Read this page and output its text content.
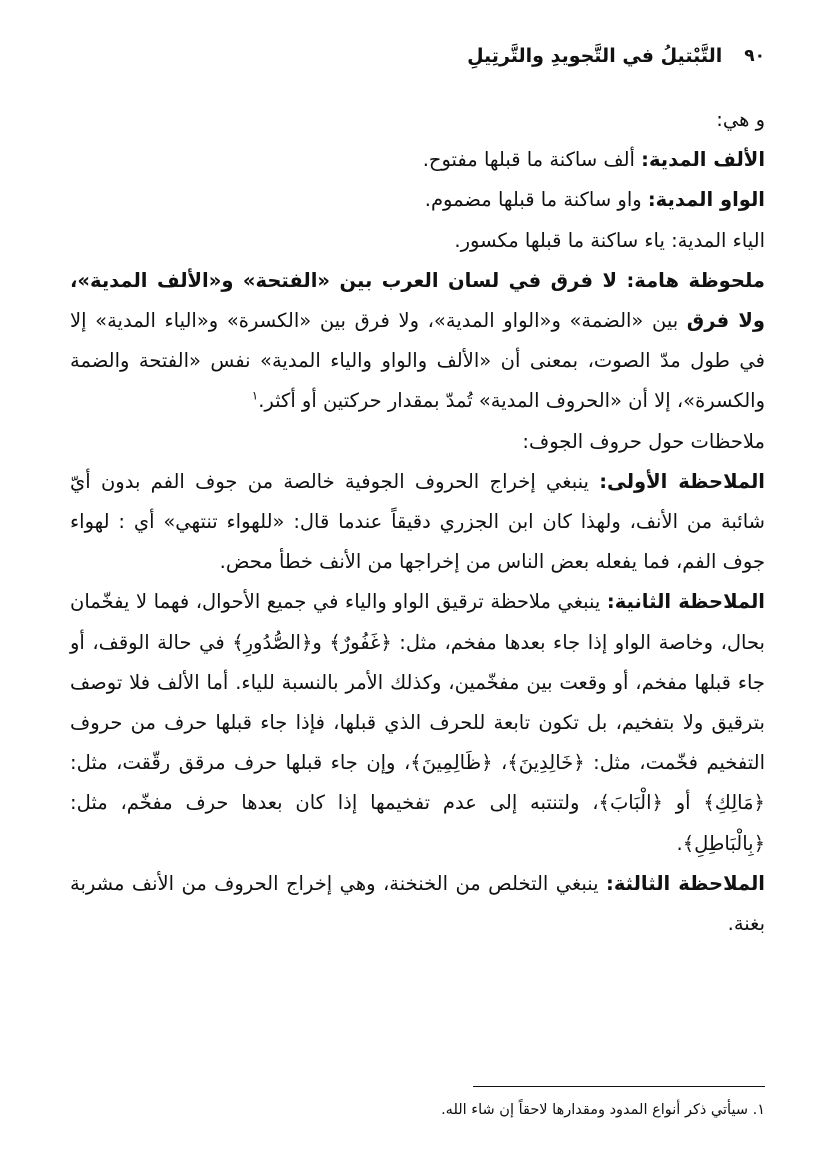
٩٠
التَّبْتيلُ في التَّجويدِ والتَّرتِيلِ

و هي:

الألف المدية: ألف ساكنة ما قبلها مفتوح.

الواو المدية: واو ساكنة ما قبلها مضموم.

الياء المدية: ياء ساكنة ما قبلها مكسور.

ملحوظة هامة: لا فرق في لسان العرب بين «الفتحة» و«الألف المدية»، ولا فرق بين «الضمة» و«الواو المدية»، ولا فرق بين «الكسرة» و«الياء المدية» إلا في طول مدّ الصوت، بمعنى أن «الألف والواو والياء المدية» نفس «الفتحة والضمة والكسرة»، إلا أن «الحروف المدية» تُمدّ بمقدار حركتين أو أكثر.$^١$

ملاحظات حول حروف الجوف:

الملاحظة الأولى: ينبغي إخراج الحروف الجوفية خالصة من جوف الفم بدون أيّ شائبة من الأنف، ولهذا كان ابن الجزري دقيقاً عندما قال: «للهواء تنتهي» أي : لهواء جوف الفم، فما يفعله بعض الناس من إخراجها من الأنف خطأ محض.

الملاحظة الثانية: ينبغي ملاحظة ترقيق الواو والياء في جميع الأحوال، فهما لا يفخّمان بحال، وخاصة الواو إذا جاء بعدها مفخم، مثل: ﴿غَفُورٌ﴾ و﴿الصُّدُورِ﴾ في حالة الوقف، أو جاء قبلها مفخم، أو وقعت بين مفخّمين، وكذلك الأمر بالنسبة للياء. أما الألف فلا توصف بترقيق ولا بتفخيم، بل تكون تابعة للحرف الذي قبلها، فإذا جاء قبلها حرف من حروف التفخيم فخّمت، مثل: ﴿خَالِدِينَ﴾، ﴿ظَالِمِينَ﴾، وإن جاء قبلها حرف مرقق رقّقت، مثل: ﴿مَالِكِ﴾ أو ﴿الْبَابَ﴾، ولتنتبه إلى عدم تفخيمها إذا كان بعدها حرف مفخّم، مثل: ﴿بِالْبَاطِلِ﴾.

الملاحظة الثالثة: ينبغي التخلص من الخنخنة، وهي إخراج الحروف من الأنف مشربة بغنة.

١. سيأتي ذكر أنواع المدود ومقدارها لاحقاً إن شاء الله.
